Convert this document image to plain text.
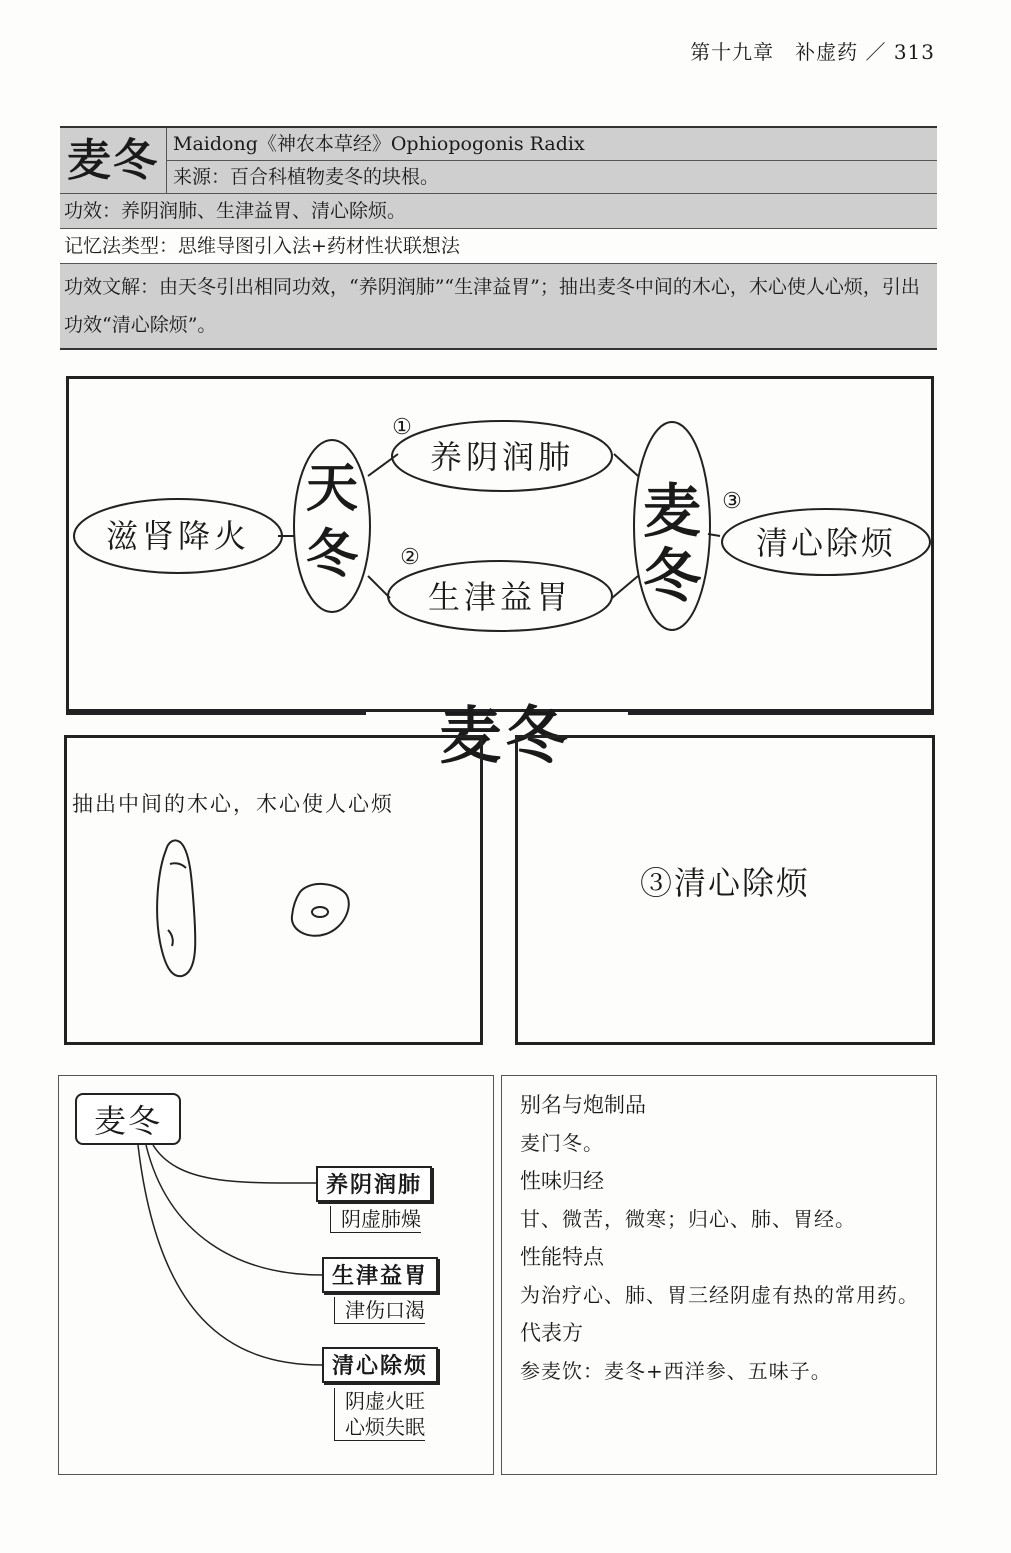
第十九章　补虚药 ／ 313
麦冬 Maidong《神农本草经》Ophiopogonis Radix
来源：百合科植物麦冬的块根。
功效：养阴润肺、生津益胃、清心除烦。
记忆法类型：思维导图引入法+药材性状联想法
功效文解：由天冬引出相同功效，“养阴润肺”“生津益胃”；抽出麦冬中间的木心，木心使人心烦，引出功效“清心除烦”。
滋肾降火
天
冬
养阴润肺
生津益胃
麦
冬 清心除烦
①
②
③
麦冬
抽出中间的木心，木心使人心烦
③清心除烦
麦冬
养阴润肺
阴虚肺燥
生津益胃
津伤口渴
清心除烦
阴虚火旺
心烦失眠
别名与炮制品
麦门冬。
性味归经
甘、微苦，微寒；归心、肺、胃经。
性能特点
为治疗心、肺、胃三经阴虚有热的常用药。
代表方
参麦饮：麦冬+西洋参、五味子。
